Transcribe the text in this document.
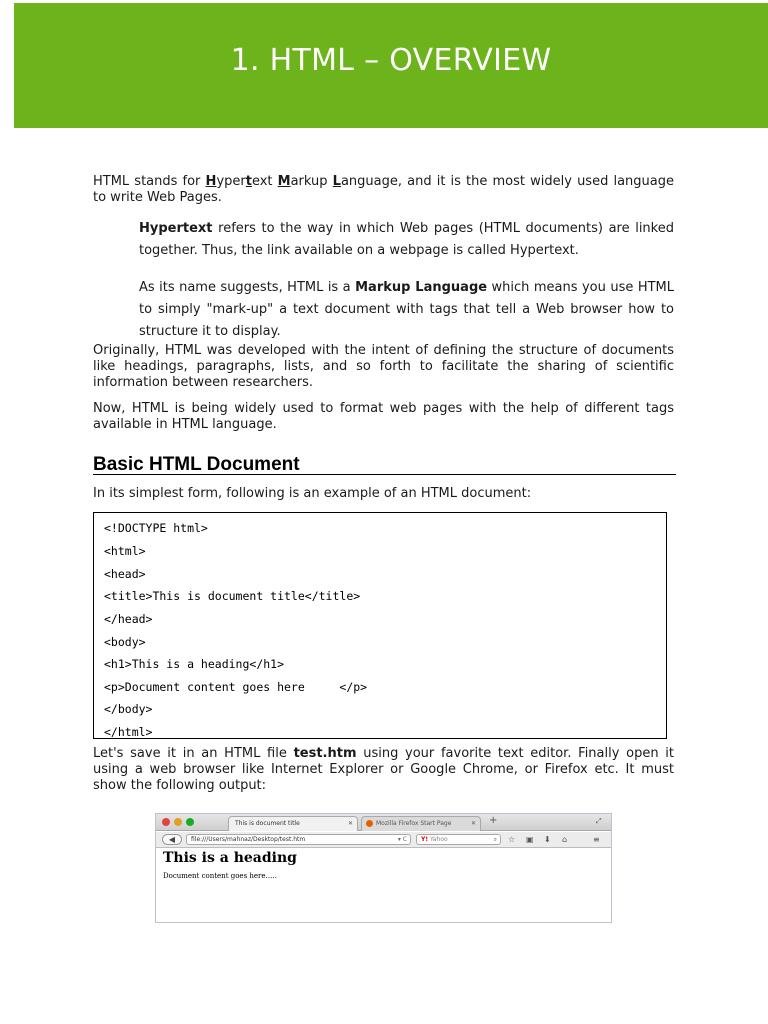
1. HTML – OVERVIEW

HTML stands for Hypertext Markup Language, and it is the most widely used language to write Web Pages.

Hypertext refers to the way in which Web pages (HTML documents) are linked together. Thus, the link available on a webpage is called Hypertext.

As its name suggests, HTML is a Markup Language which means you use HTML to simply "mark-up" a text document with tags that tell a Web browser how to structure it to display.

Originally, HTML was developed with the intent of defining the structure of documents like headings, paragraphs, lists, and so forth to facilitate the sharing of scientific information between researchers.

Now, HTML is being widely used to format web pages with the help of different tags available in HTML language.

Basic HTML Document

In its simplest form, following is an example of an HTML document:

<!DOCTYPE html>
<html>
<head>
<title>This is document title</title>
</head>
<body>
<h1>This is a heading</h1>
<p>Document content goes here     </p>
</body>
</html>

Let's save it in an HTML file test.htm using your favorite text editor. Finally open it using a web browser like Internet Explorer or Google Chrome, or Firefox etc. It must show the following output:

This is document title	✕	Mozilla Firefox Start Page	✕ +	⤢
◀	file:///Users/mahnaz/Desktop/test.htm	▾ C	Y! Yahoo	⌕ ☆ ▣ ⬇ ⌂	≡
This is a heading
Document content goes here…..
